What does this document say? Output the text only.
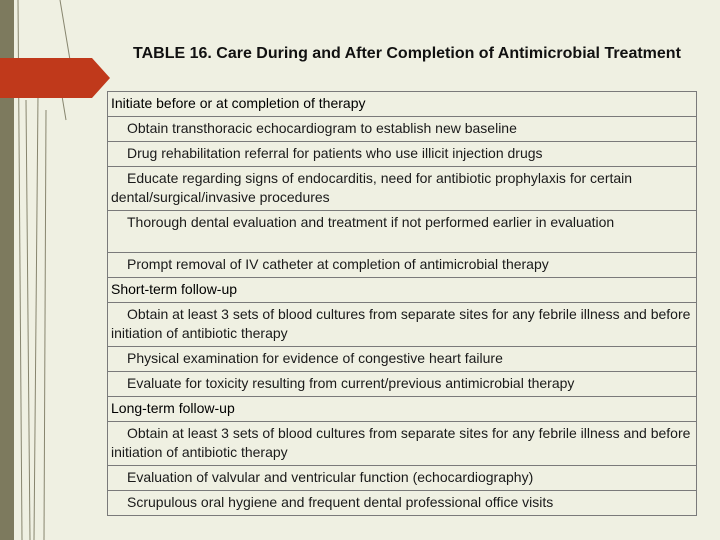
TABLE 16. Care During and After Completion of Antimicrobial Treatment
Initiate before or at completion of therapy
Obtain transthoracic echocardiogram to establish new baseline
Drug rehabilitation referral for patients who use illicit injection drugs
Educate regarding signs of endocarditis, need for antibiotic prophylaxis for certain dental/surgical/invasive procedures
Thorough dental evaluation and treatment if not performed earlier in evaluation
Prompt removal of IV catheter at completion of antimicrobial therapy
Short-term follow-up
Obtain at least 3 sets of blood cultures from separate sites for any febrile illness and before initiation of antibiotic therapy
Physical examination for evidence of congestive heart failure
Evaluate for toxicity resulting from current/previous antimicrobial therapy
Long-term follow-up
Obtain at least 3 sets of blood cultures from separate sites for any febrile illness and before initiation of antibiotic therapy
Evaluation of valvular and ventricular function (echocardiography)
Scrupulous oral hygiene and frequent dental professional office visits
